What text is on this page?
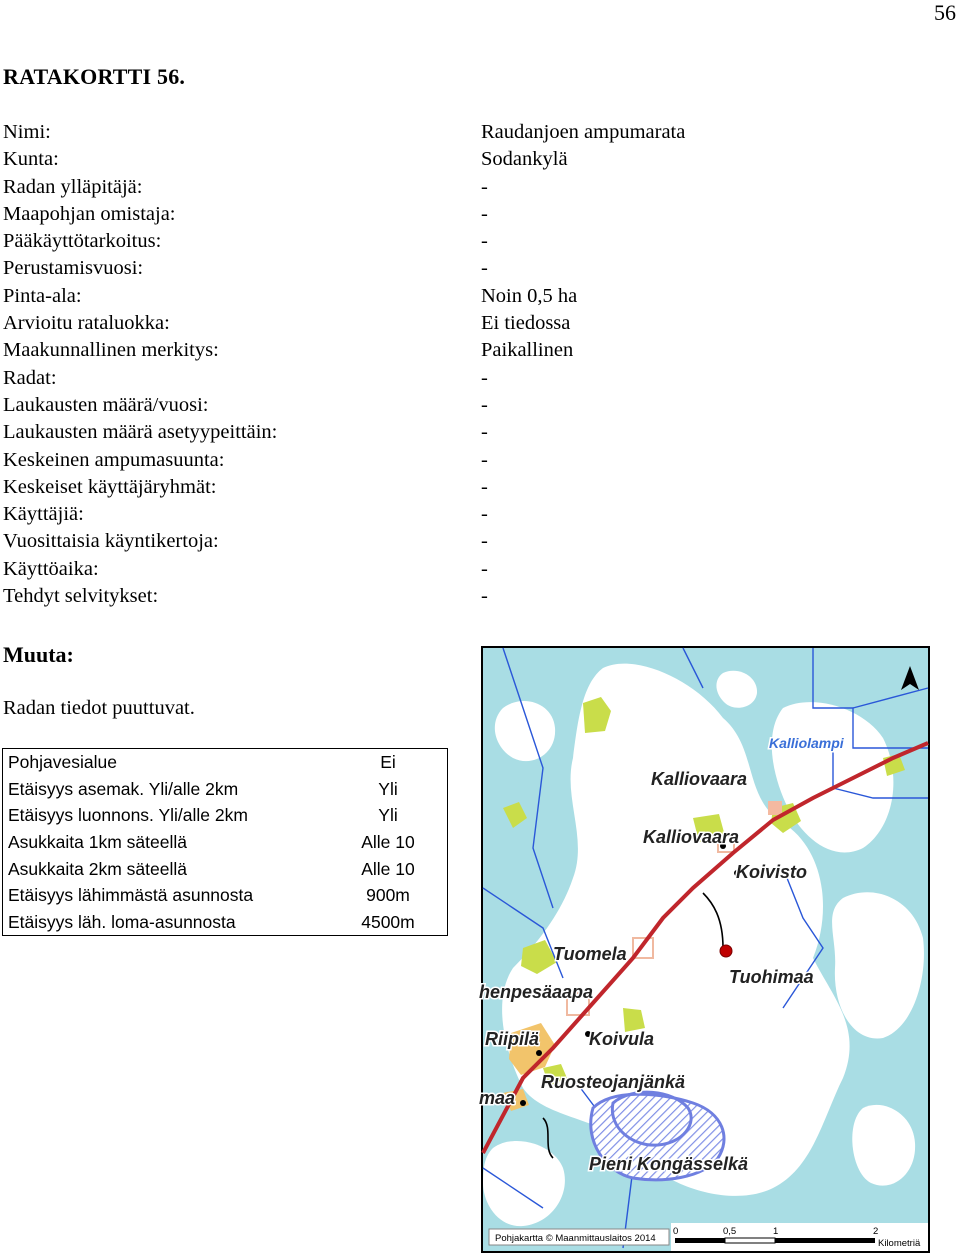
56
RATAKORTTI 56.
Nimi:	Raudanjoen ampumarata
Kunta:	Sodankylä
Radan ylläpitäjä:	-
Maapohjan omistaja:	-
Pääkäyttötarkoitus:	-
Perustamisvuosi:	-
Pinta-ala:	Noin 0,5 ha
Arvioitu rataluokka:	Ei tiedossa
Maakunnallinen merkitys:	Paikallinen
Radat:	-
Laukausten määrä/vuosi:	-
Laukausten määrä asetyypeittäin:	-
Keskeinen ampumasuunta:	-
Keskeiset käyttäjäryhmät:	-
Käyttäjiä:	-
Vuosittaisia käyntikertoja:	-
Käyttöaika:	-
Tehdyt selvitykset:	-
Muuta:
Radan tiedot puuttuvat.
Pohjavesialue	Ei
Etäisyys asemak. Yli/alle 2km	Yli
Etäisyys luonnons. Yli/alle 2km	Yli
Asukkaita 1km säteellä	Alle 10
Asukkaita 2km säteellä	Alle 10
Etäisyys lähimmästä asunnosta	900m
Etäisyys läh. loma-asunnosta	4500m
Kalliolampi
Kalliovaara
Kalliovaara
Koivisto
Tuomela
Tuohimaa
henpesäaapa
Riipilä	Koivula
Ruosteojanjänkä
maa
Pieni Kongässelkä
Pohjakartta © Maanmittauslaitos 2014
0	0,5	1	2
Kilometriä
